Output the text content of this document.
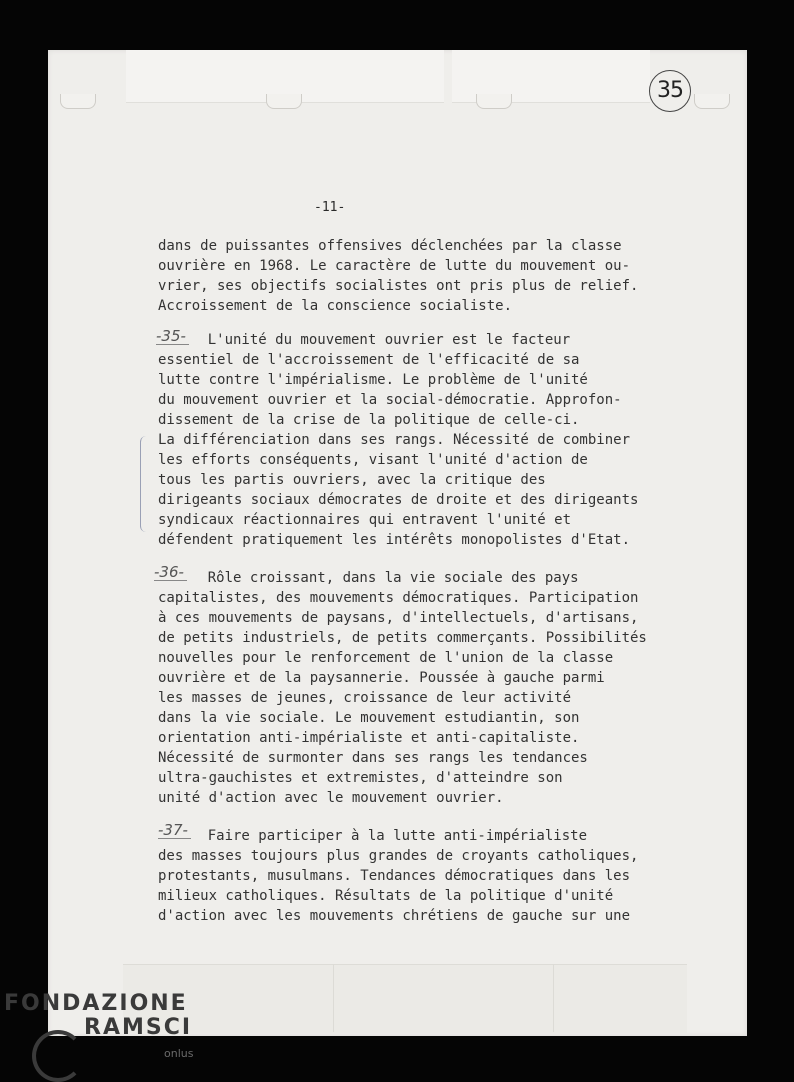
35
-11-
dans de puissantes offensives déclenchées par la classe
ouvrière en 1968. Le caractère de lutte du mouvement ou-
vrier, ses objectifs socialistes ont pris plus de relief.
Accroissement de la conscience socialiste.
- 35 -
L'unité du mouvement ouvrier est le facteur
essentiel de l'accroissement de l'efficacité de sa
lutte contre l'impérialisme. Le problème de l'unité
du mouvement ouvrier et la social-démocratie. Approfon-
dissement de la crise de la politique de celle-ci.
La différenciation dans ses rangs. Nécessité de combiner
les efforts conséquents, visant l'unité d'action de
tous les partis ouvriers, avec la critique des
dirigeants sociaux démocrates de droite et des dirigeants
syndicaux réactionnaires qui entravent l'unité et
défendent pratiquement les intérêts monopolistes d'Etat.
- 36 -
Rôle croissant, dans la vie sociale des pays
capitalistes, des mouvements démocratiques. Participation
à ces mouvements de paysans, d'intellectuels, d'artisans,
de petits industriels, de petits commerçants. Possibilités
nouvelles pour le renforcement de l'union de la classe
ouvrière et de la paysannerie. Poussée à gauche parmi
les masses de jeunes, croissance de leur activité
dans la vie sociale. Le mouvement estudiantin, son
orientation anti-impérialiste et anti-capitaliste.
Nécessité de surmonter dans ses rangs les tendances
ultra-gauchistes et extremistes, d'atteindre son
unité d'action avec le mouvement ouvrier.
- 37 -
Faire participer à la lutte anti-impérialiste
des masses toujours plus grandes de croyants catholiques,
protestants, musulmans. Tendances démocratiques dans les
milieux catholiques. Résultats de la politique d'unité
d'action avec les mouvements chrétiens de gauche sur une
FONDAZIONE
RAMSCI
onlus
